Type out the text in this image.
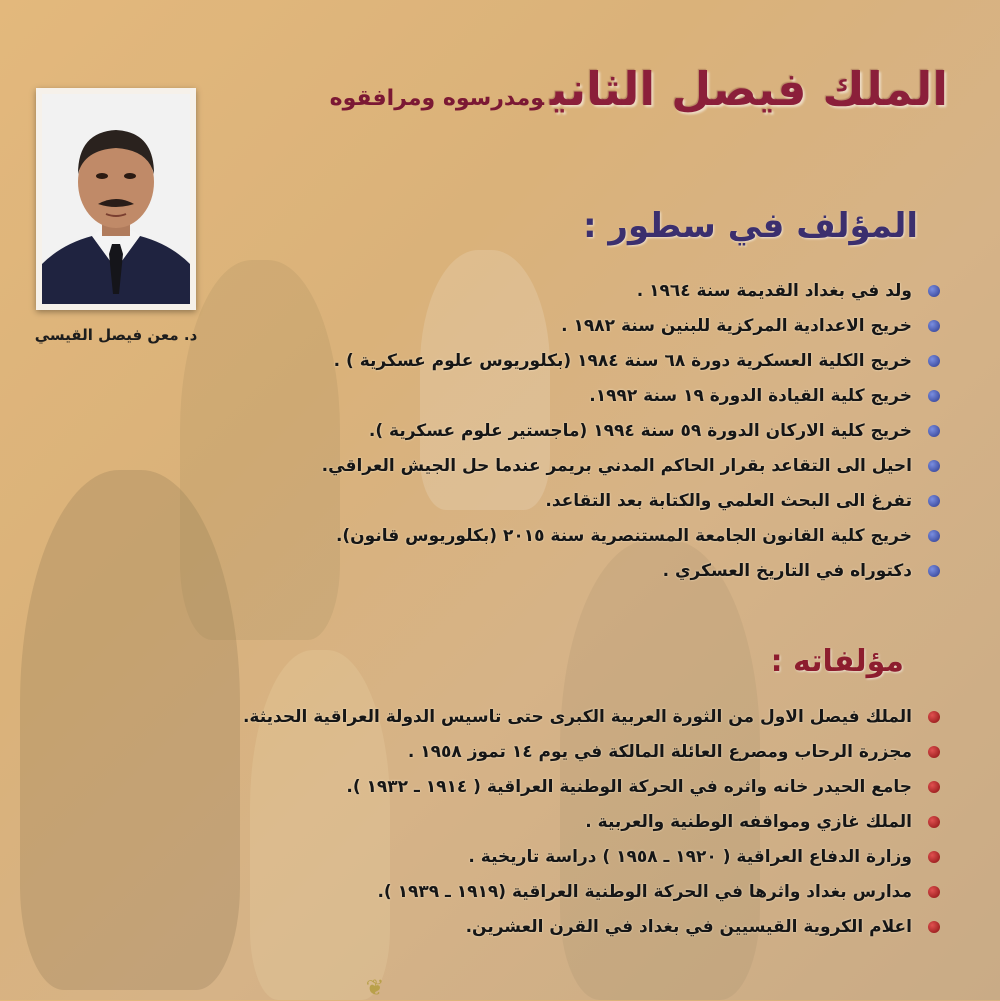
د. معن فيصل القيسي
الملك فيصل الثانيومدرسوه ومرافقوه
المؤلف في سطور :
ولد في بغداد القديمة سنة ١٩٦٤ .
خريج الاعدادية المركزية للبنين سنة ١٩٨٢ .
خريج الكلية العسكرية دورة ٦٨ سنة ١٩٨٤ (بكلوريوس علوم عسكرية ) .
خريج كلية القيادة الدورة ١٩ سنة ١٩٩٢.
خريج كلية الاركان الدورة ٥٩ سنة ١٩٩٤ (ماجستير علوم عسكرية ).
احيل الى التقاعد بقرار الحاكم المدني بريمر عندما حل الجيش العراقي.
تفرغ الى البحث العلمي والكتابة بعد التقاعد.
خريج كلية القانون الجامعة المستنصرية سنة ٢٠١٥ (بكلوريوس قانون).
دكتوراه في التاريخ العسكري .
مؤلفاته :
الملك فيصل الاول من الثورة العربية الكبرى حتى تاسيس الدولة العراقية الحديثة.
مجزرة الرحاب ومصرع العائلة المالكة في يوم ١٤ تموز ١٩٥٨ .
جامع الحيدر خانه واثره في الحركة الوطنية العراقية ( ١٩١٤ ـ ١٩٣٢ ).
الملك غازي ومواقفه الوطنية والعربية .
وزارة الدفاع العراقية ( ١٩٢٠ ـ ١٩٥٨ ) دراسة تاريخية .
مدارس بغداد واثرها في الحركة الوطنية العراقية (١٩١٩ ـ ١٩٣٩ ).
اعلام الكروية القيسيين في بغداد في القرن العشرين.
❦
